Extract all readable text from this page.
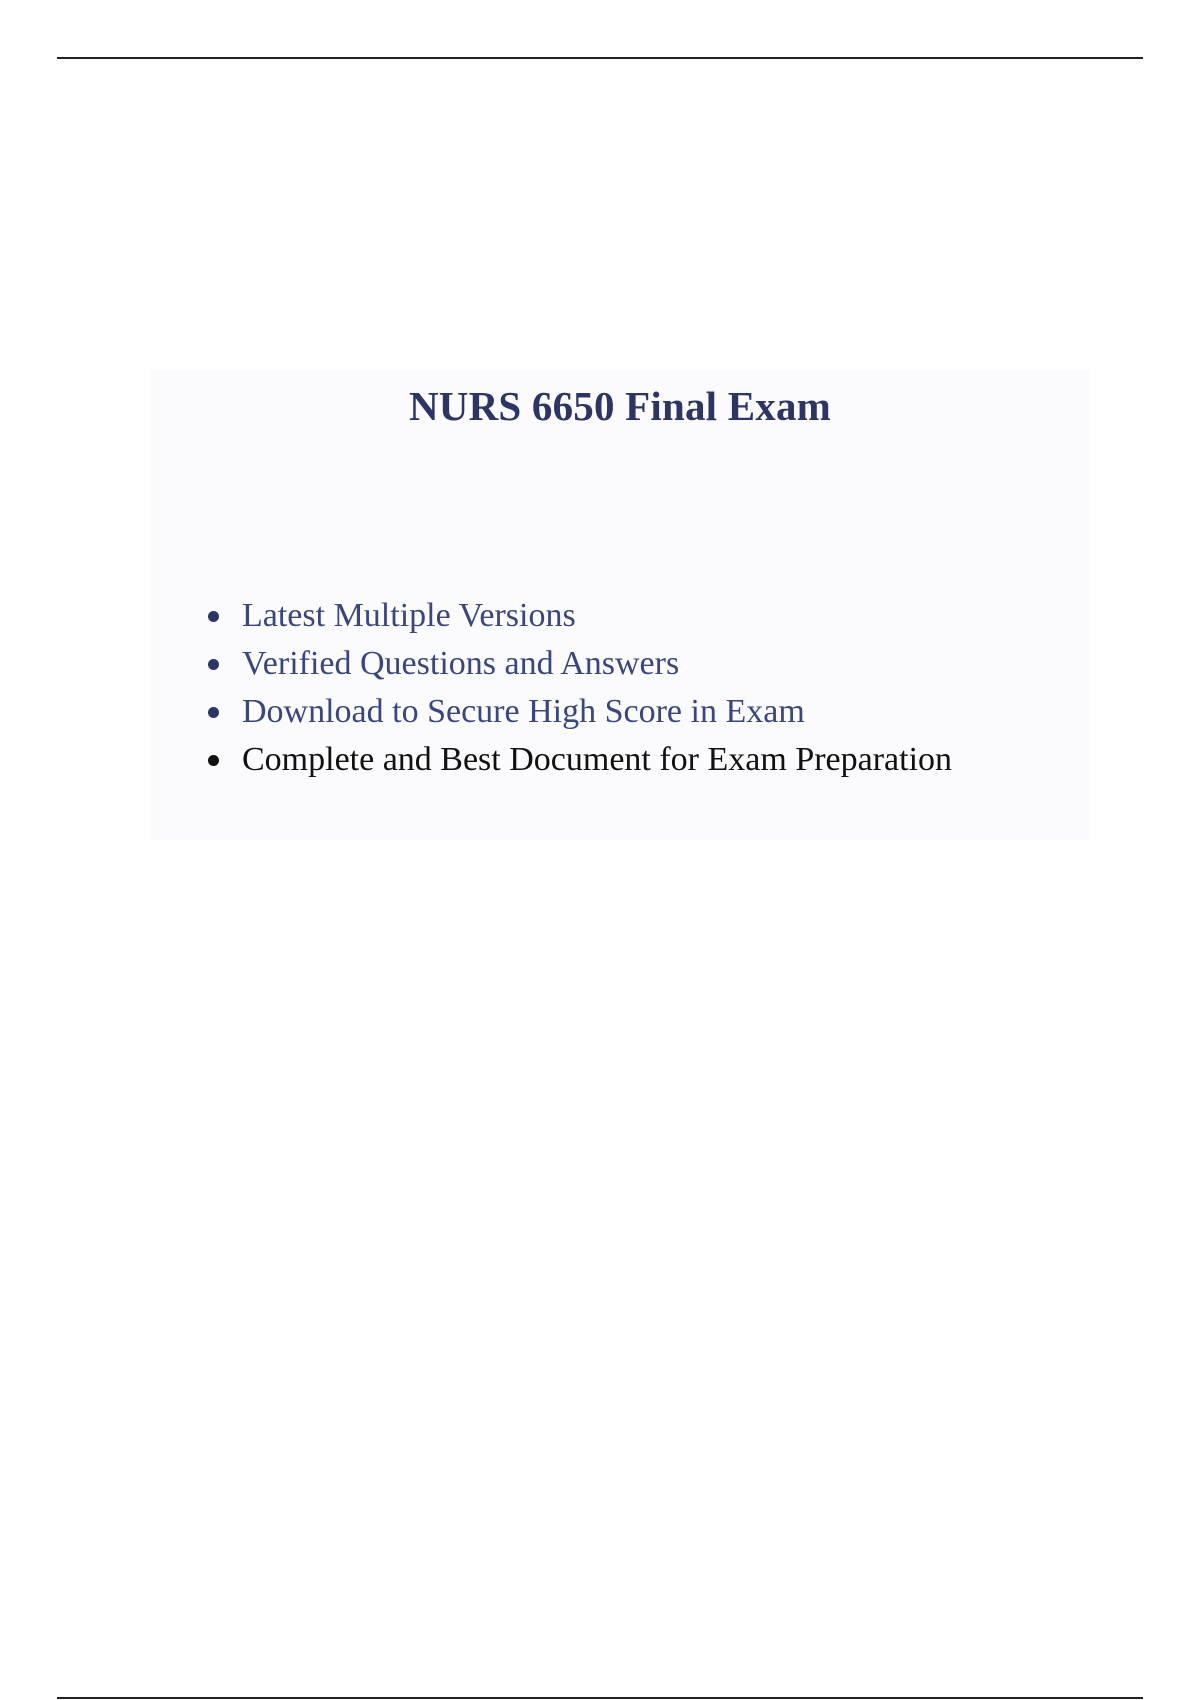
NURS 6650 Final Exam
Latest Multiple Versions
Verified Questions and Answers
Download to Secure High Score in Exam
Complete and Best Document for Exam Preparation
